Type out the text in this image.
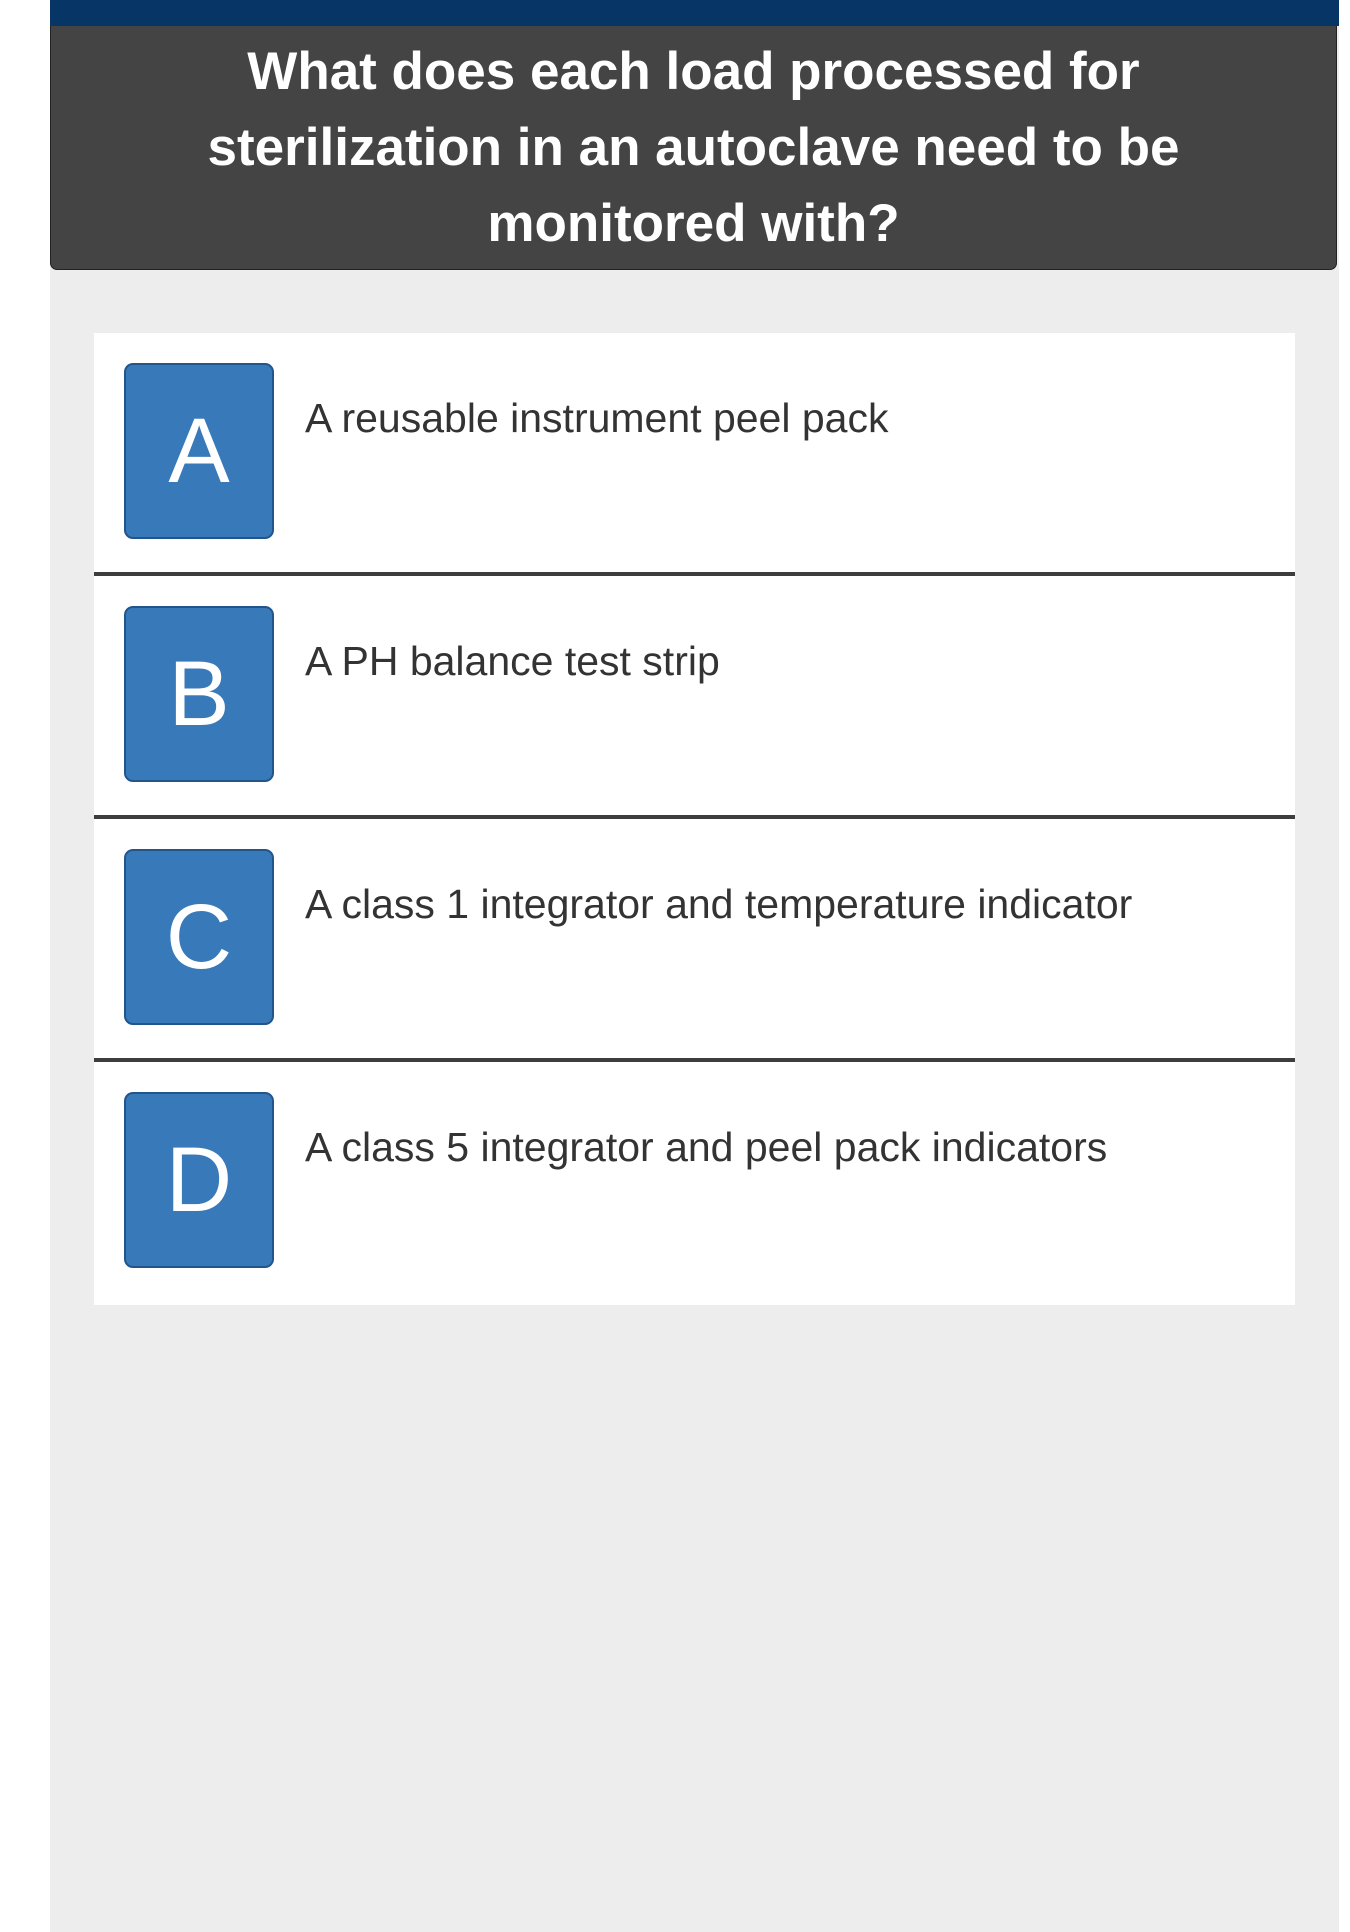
What does each load processed for sterilization in an autoclave need to be monitored with?

A	A reusable instrument peel pack
B	A PH balance test strip
C	A class 1 integrator and temperature indicator
D	A class 5 integrator and peel pack indicators
